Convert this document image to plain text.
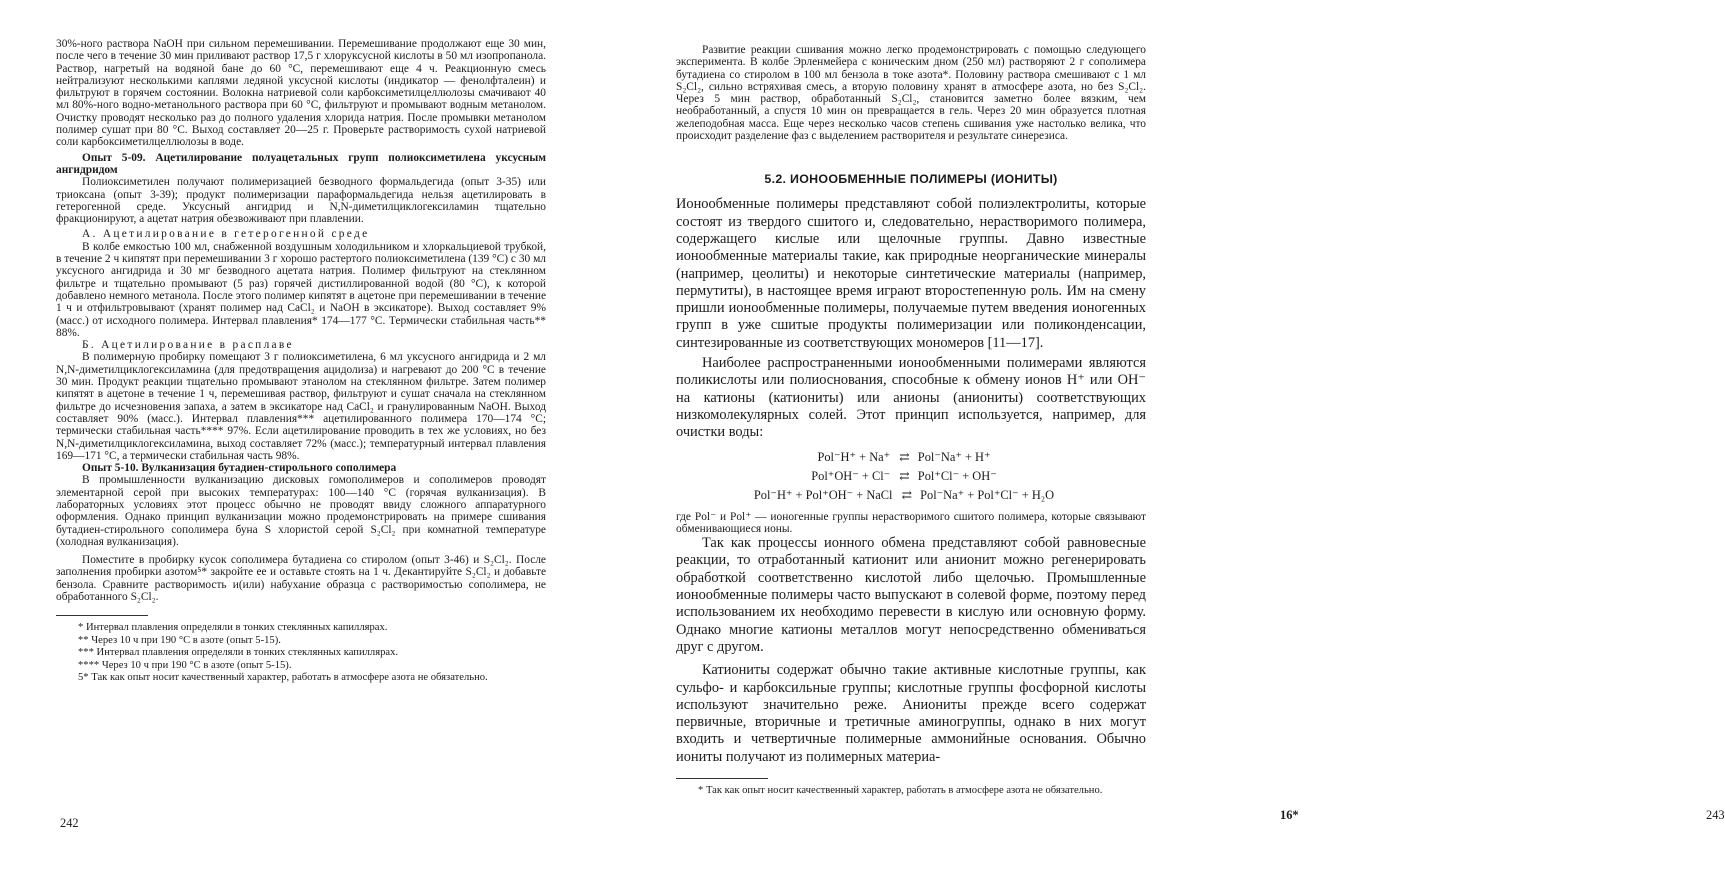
30%-ного раствора NaOH при сильном перемешивании. Перемешивание продолжают еще 30 мин, после чего в течение 30 мин приливают раствор 17,5 г хлоруксусной кислоты в 50 мл изопропанола. Раствор, нагретый на водяной бане до 60 °С, перемешивают еще 4 ч. Реакционную смесь нейтрализуют несколькими каплями ледяной уксусной кислоты (индикатор — фенолфталеин) и фильтруют в горячем состоянии. Волокна натриевой соли карбоксиметилцеллюлозы смачивают 40 мл 80%-ного водно-метанольного раствора при 60 °С, фильтруют и промывают водным метанолом. Очистку проводят несколько раз до полного удаления хлорида натрия. После промывки метанолом полимер сушат при 80 °С. Выход составляет 20—25 г. Проверьте растворимость сухой натриевой соли карбоксиметилцеллюлозы в воде.

Опыт 5-09. Ацетилирование полуацетальных групп полиоксиметилена уксусным ангидридом

Полиоксиметилен получают полимеризацией безводного формальдегида (опыт 3-35) или триоксана (опыт 3-39); продукт полимеризации параформальдегида нельзя ацетилировать в гетерогенной среде. Уксусный ангидрид и N,N-диметилциклогексиламин тщательно фракционируют, а ацетат натрия обезвоживают при плавлении.

А. Ацетилирование в гетерогенной среде

В колбе емкостью 100 мл, снабженной воздушным холодильником и хлоркальциевой трубкой, в течение 2 ч кипятят при перемешивании 3 г хорошо растертого полиоксиметилена (139 °С) с 30 мл уксусного ангидрида и 30 мг безводного ацетата натрия. Полимер фильтруют на стеклянном фильтре и тщательно промывают (5 раз) горячей дистиллированной водой (80 °С), к которой добавлено немного метанола. После этого полимер кипятят в ацетоне при перемешивании в течение 1 ч и отфильтровывают (хранят полимер над CaCl₂ и NaOH в эксикаторе). Выход составляет 9% (масс.) от исходного полимера. Интервал плавления* 174—177 °С. Термически стабильная часть** 88%.

Б. Ацетилирование в расплаве

В полимерную пробирку помещают 3 г полиоксиметилена, 6 мл уксусного ангидрида и 2 мл N,N-диметилциклогексиламина (для предотвращения ацидолиза) и нагревают до 200 °С в течение 30 мин. Продукт реакции тщательно промывают этанолом на стеклянном фильтре. Затем полимер кипятят в ацетоне в течение 1 ч, перемешивая раствор, фильтруют и сушат сначала на стеклянном фильтре до исчезновения запаха, а затем в эксикаторе над CaCl₂ и гранулированным NaOH. Выход составляет 90% (масс.). Интервал плавления*** ацетилированного полимера 170—174 °С; термически стабильная часть**** 97%. Если ацетилирование проводить в тех же условиях, но без N,N-диметилциклогексиламина, выход составляет 72% (масс.); температурный интервал плавления 169—171 °С, а термически стабильная часть 98%.

Опыт 5-10. Вулканизация бутадиен-стирольного сополимера

В промышленности вулканизацию дисковых гомополимеров и сополимеров проводят элементарной серой при высоких температурах: 100—140 °С (горячая вулканизация). В лабораторных условиях этот процесс обычно не проводят ввиду сложного аппаратурного оформления. Однако принцип вулканизации можно продемонстрировать на примере сшивания бутадиен-стирольного сополимера буна S хлористой серой S₂Cl₂ при комнатной температуре (холодная вулканизация).

Поместите в пробирку кусок сополимера бутадиена со стиролом (опыт 3-46) и S₂Cl₂. После заполнения пробирки азотом⁵* закройте ее и оставьте стоять на 1 ч. Декантируйте S₂Cl₂ и добавьте бензола. Сравните растворимость и(или) набухание образца с растворимостью сополимера, не обработанного S₂Cl₂.

* Интервал плавления определяли в тонких стеклянных капиллярах.

** Через 10 ч при 190 °С в азоте (опыт 5-15).

*** Интервал плавления определяли в тонких стеклянных капиллярах.

**** Через 10 ч при 190 °С в азоте (опыт 5-15).

5* Так как опыт носит качественный характер, работать в атмосфере азота не обязательно.

242
16*	243

Развитие реакции сшивания можно легко продемонстрировать с помощью следующего эксперимента. В колбе Эрленмейера с коническим дном (250 мл) растворяют 2 г сополимера бутадиена со стиролом в 100 мл бензола в токе азота*. Половину раствора смешивают с 1 мл S₂Cl₂, сильно встряхивая смесь, а вторую половину хранят в атмосфере азота, но без S₂Cl₂. Через 5 мин раствор, обработанный S₂Cl₂, становится заметно более вязким, чем необработанный, а спустя 10 мин он превращается в гель. Через 20 мин образуется плотная желеподобная масса. Еще через несколько часов степень сшивания уже настолько велика, что происходит разделение фаз с выделением растворителя и результате синерезиса.

5.2. ИОНООБМЕННЫЕ ПОЛИМЕРЫ (ИОНИТЫ)

Ионообменные полимеры представляют собой полиэлектролиты, которые состоят из твердого сшитого и, следовательно, нерастворимого полимера, содержащего кислые или щелочные группы. Давно известные ионообменные материалы такие, как природные неорганические минералы (например, цеолиты) и некоторые синтетические материалы (например, пермутиты), в настоящее время играют второстепенную роль. Им на смену пришли ионообменные полимеры, получаемые путем введения ионогенных групп в уже сшитые продукты полимеризации или поликонденсации, синтезированные из соответствующих мономеров [11—17].

Наиболее распространенными ионообменными полимерами являются поликислоты или полиоснования, способные к обмену ионов H⁺ или OH⁻ на катионы (катиониты) или анионы (аниониты) соответствующих низкомолекулярных солей. Этот принцип используется, например, для очистки воды:

Pol⁻H⁺ + Na⁺ ⇄ Pol⁻Na⁺ + H⁺
Pol⁺OH⁻ + Cl⁻ ⇄ Pol⁺Cl⁻ + OH⁻
Pol⁻H⁺ + Pol⁺OH⁻ + NaCl ⇄ Pol⁻Na⁺ + Pol⁺Cl⁻ + H₂O

где Pol⁻ и Pol⁺ — ионогенные группы нерастворимого сшитого полимера, которые связывают обменивающиеся ионы.

Так как процессы ионного обмена представляют собой равновесные реакции, то отработанный катионит или анионит можно регенерировать обработкой соответственно кислотой либо щелочью. Промышленные ионообменные полимеры часто выпускают в солевой форме, поэтому перед использованием их необходимо перевести в кислую или основную форму. Однако многие катионы металлов могут непосредственно обмениваться друг с другом.

Катиониты содержат обычно такие активные кислотные группы, как сульфо- и карбоксильные группы; кислотные группы фосфорной кислоты используют значительно реже. Аниониты прежде всего содержат первичные, вторичные и третичные аминогруппы, однако в них могут входить и четвертичные полимерные аммонийные основания. Обычно иониты получают из полимерных материа-

* Так как опыт носит качественный характер, работать в атмосфере азота не обязательно.
